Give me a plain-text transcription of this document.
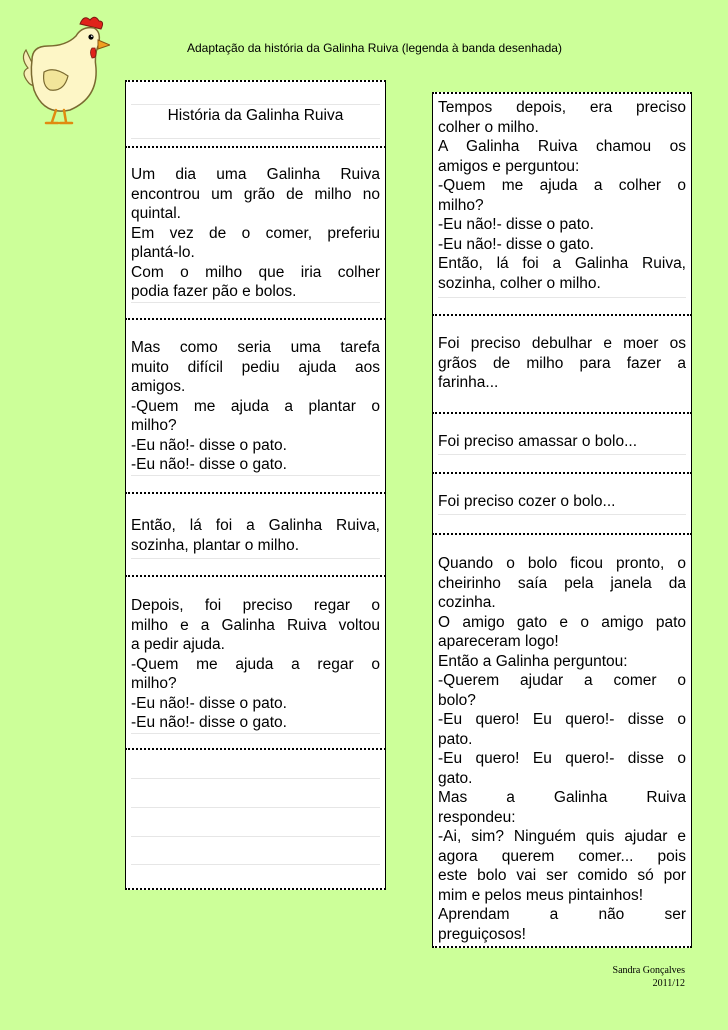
Adaptação da história da Galinha Ruiva (legenda à banda desenhada)
História da Galinha Ruiva
Um dia uma Galinha Ruiva
encontrou um grão de milho no
quintal.
Em vez de o comer, preferiu
plantá-lo.
Com o milho que iria colher
podia fazer pão e bolos.
Mas como seria uma tarefa
muito difícil pediu ajuda aos
amigos.
-Quem me ajuda a plantar o
milho?
-Eu não!- disse o pato.
-Eu não!- disse o gato.
Então, lá foi a Galinha Ruiva,
sozinha, plantar o milho.
Depois, foi preciso regar o
milho e a Galinha Ruiva voltou
a pedir ajuda.
-Quem me ajuda a regar o
milho?
-Eu não!- disse o pato.
-Eu não!- disse o gato.
Tempos depois, era preciso
colher o milho.
A Galinha Ruiva chamou os
amigos e perguntou:
-Quem me ajuda a colher o
milho?
-Eu não!- disse o pato.
-Eu não!- disse o gato.
Então, lá foi a Galinha Ruiva,
sozinha, colher o milho.
Foi preciso debulhar e moer os
grãos de milho para fazer a
farinha...
Foi preciso amassar o bolo...
Foi preciso cozer o bolo...
Quando o bolo ficou pronto, o
cheirinho saía pela janela da
cozinha.
O amigo gato e o amigo pato
apareceram logo!
Então a Galinha perguntou:
-Querem ajudar a comer o
bolo?
-Eu quero! Eu quero!- disse o
pato.
-Eu quero! Eu quero!- disse o
gato.
Mas a Galinha Ruiva
respondeu:
-Ai, sim? Ninguém quis ajudar e
agora querem comer... pois
este bolo vai ser comido só por
mim e pelos meus pintainhos!
Aprendam a não ser
preguiçosos!
Sandra Gonçalves
2011/12
